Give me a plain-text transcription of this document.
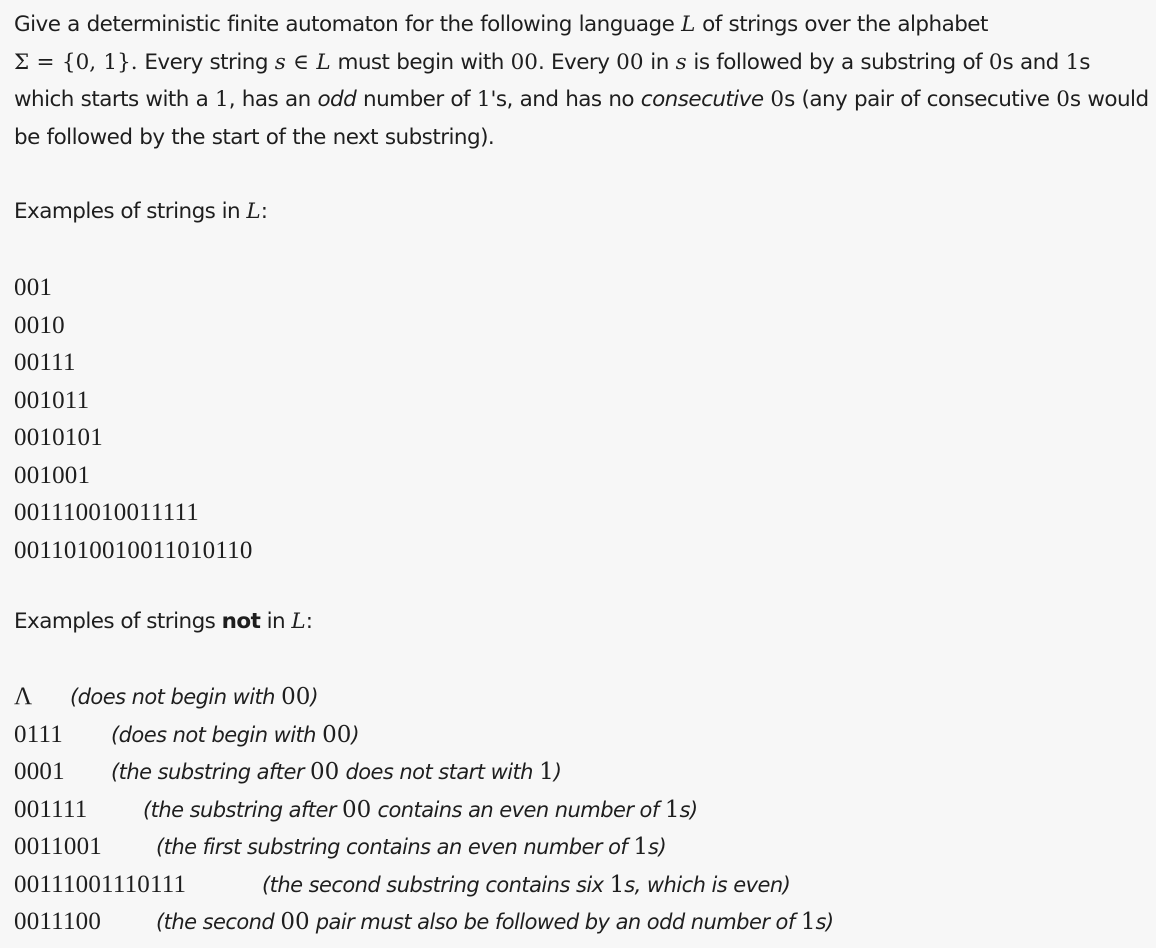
Give a deterministic finite automaton for the following language L of strings over the alphabet
Σ = {0, 1}. Every string s ∈ L must begin with 00. Every 00 in s is followed by a substring of 0s and 1s which starts with a 1, has an odd number of 1's, and has no consecutive 0s (any pair of consecutive 0s would be followed by the start of the next substring).

Examples of strings in L:

001
0010
00111
001011
0010101
001001
001110010011111
0011010010011010110

Examples of strings not in L:

Λ (does not begin with 00)
0111 (does not begin with 00)
0001 (the substring after 00 does not start with 1)
001111	(the substring after 00 contains an even number of 1s)
0011001	(the first substring contains an even number of 1s)
00111001110111	(the second substring contains six 1s, which is even)
0011100	(the second 00 pair must also be followed by an odd number of 1s)
